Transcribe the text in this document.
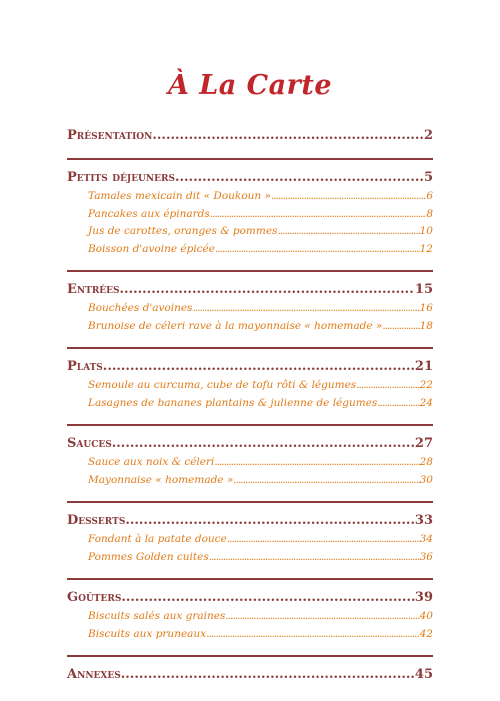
À La Carte
Présentation .....	2
Petits déjeuners .....	5
Tamales mexicain dit « Doukoun » .....	6
Pancakes aux épinards .....	8
Jus de carottes, oranges & pommes .....	10
Boisson d'avoine épicée .....	12
Entrées .....	15
Bouchées d'avoines .....	16
Brunoise de céleri rave à la mayonnaise « homemade » .....	18
Plats .....	21
Semoule au curcuma, cube de tofu rôti & légumes .....	22
Lasagnes de bananes plantains & julienne de légumes .....	24
Sauces .....	27
Sauce aux noix & céleri .....	28
Mayonnaise « homemade » .....	30
Desserts .....	33
Fondant à la patate douce .....	34
Pommes Golden cuites .....	36
Goûters .....	39
Biscuits salés aux graines .....	40
Biscuits aux pruneaux .....	42
Annexes .....	45
